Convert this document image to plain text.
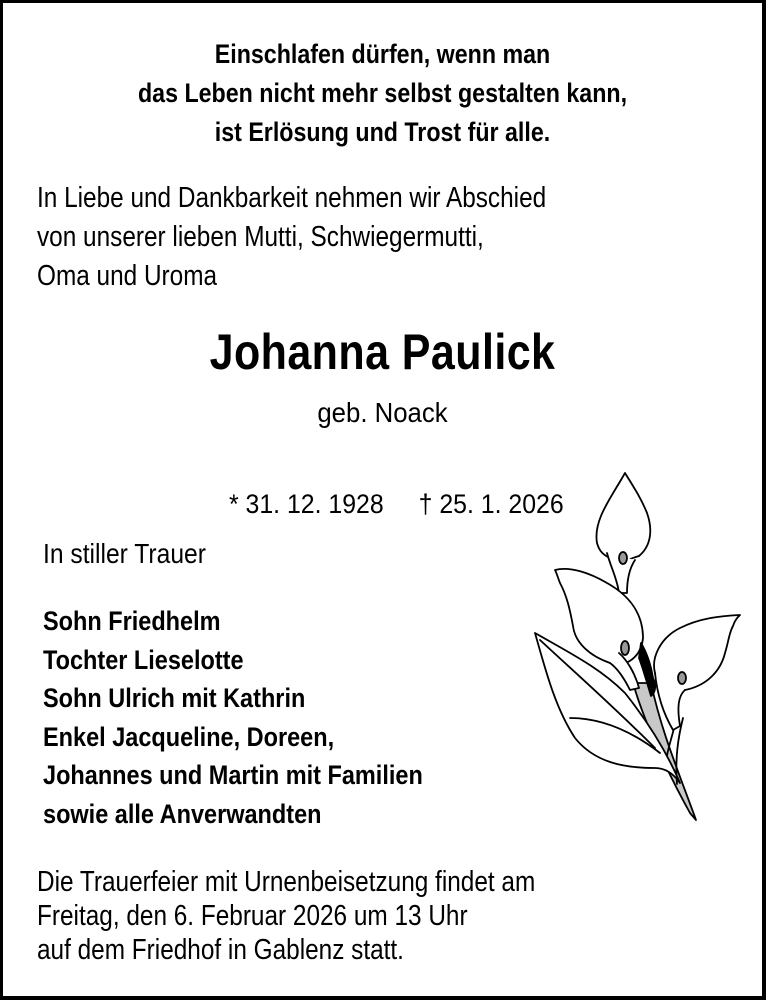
Einschlafen dürfen, wenn man
das Leben nicht mehr selbst gestalten kann,
ist Erlösung und Trost für alle.
In Liebe und Dankbarkeit nehmen wir Abschied
von unserer lieben Mutti, Schwiegermutti,
Oma und Uroma
Johanna Paulick
geb. Noack

* 31. 12. 1928 † 25. 1. 2026

In stiller Trauer
Sohn Friedhelm
Tochter Lieselotte
Sohn Ulrich mit Kathrin
Enkel Jacqueline, Doreen,
Johannes und Martin mit Familien
sowie alle Anverwandten
Die Trauerfeier mit Urnenbeisetzung findet am
Freitag, den 6. Februar 2026 um 13 Uhr
auf dem Friedhof in Gablenz statt.
